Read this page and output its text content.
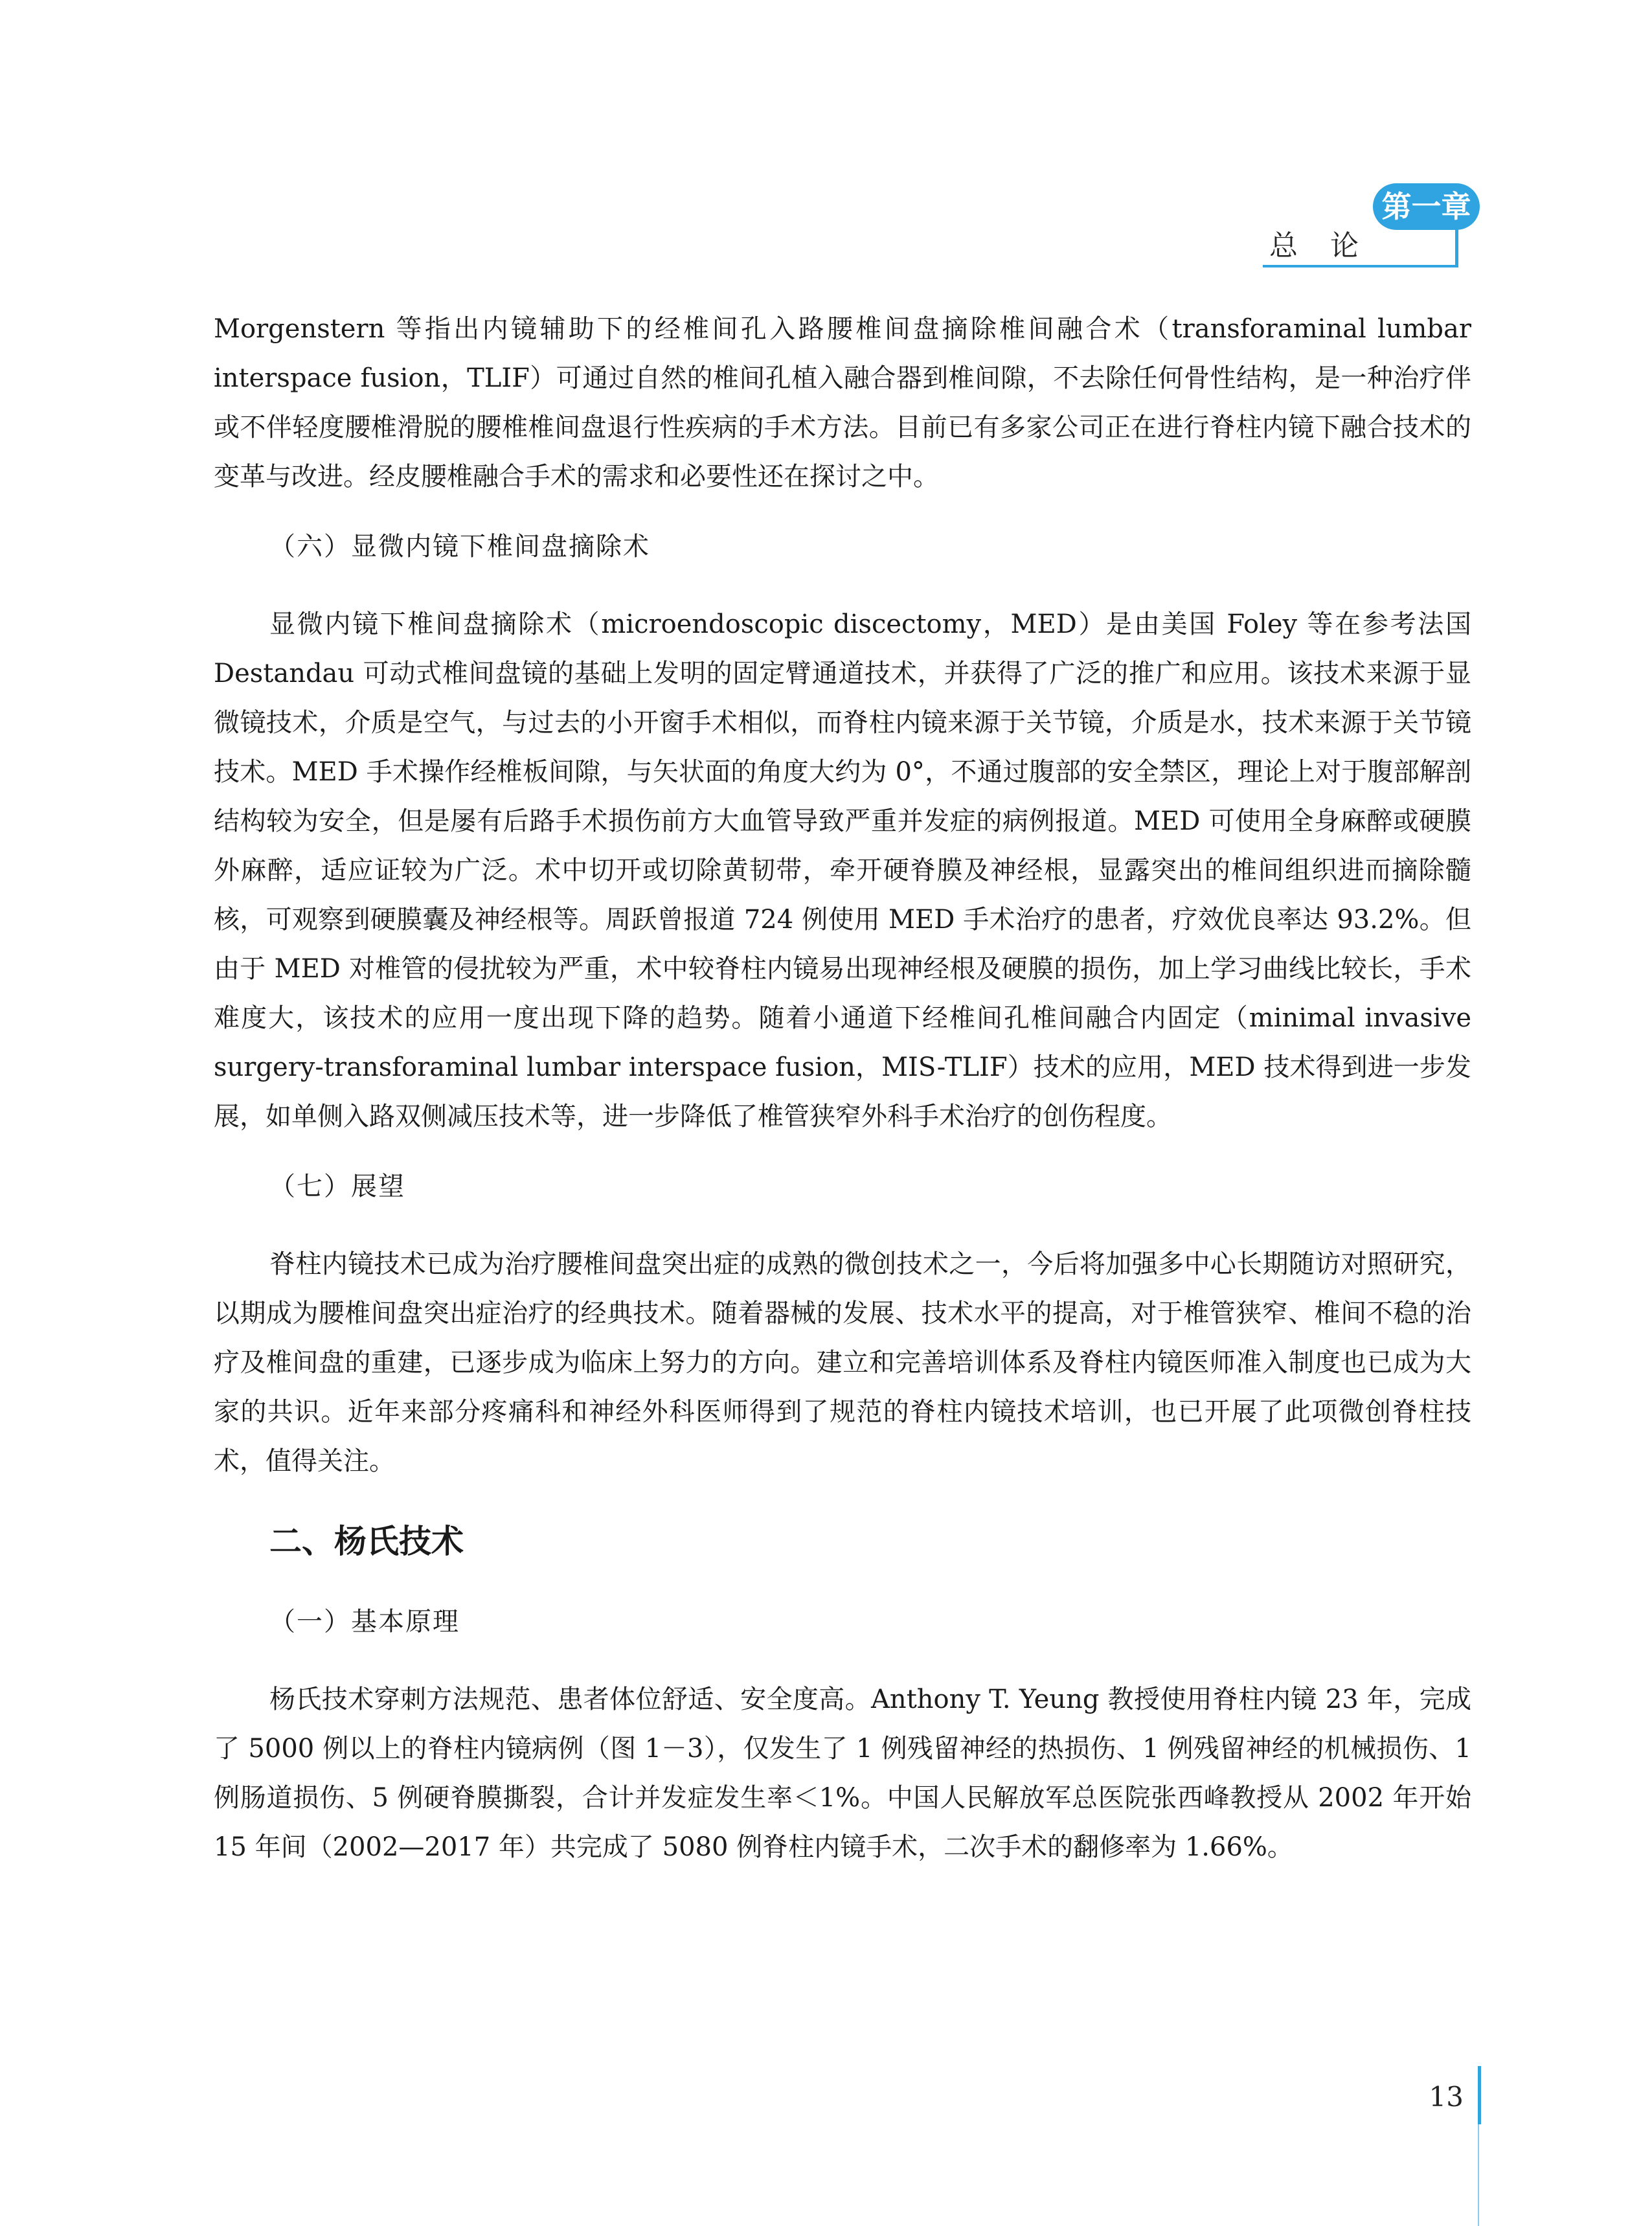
第一章
总 论

Morgenstern 等指出内镜辅助下的经椎间孔入路腰椎间盘摘除椎间融合术（transforaminal lumbar interspace fusion，TLIF）可通过自然的椎间孔植入融合器到椎间隙，不去除任何骨性结构，是一种治疗伴或不伴轻度腰椎滑脱的腰椎椎间盘退行性疾病的手术方法。目前已有多家公司正在进行脊柱内镜下融合技术的变革与改进。经皮腰椎融合手术的需求和必要性还在探讨之中。

（六）显微内镜下椎间盘摘除术

显微内镜下椎间盘摘除术（microendoscopic discectomy，MED）是由美国 Foley 等在参考法国 Destandau 可动式椎间盘镜的基础上发明的固定臂通道技术，并获得了广泛的推广和应用。该技术来源于显微镜技术，介质是空气，与过去的小开窗手术相似，而脊柱内镜来源于关节镜，介质是水，技术来源于关节镜技术。MED 手术操作经椎板间隙，与矢状面的角度大约为 0°，不通过腹部的安全禁区，理论上对于腹部解剖结构较为安全，但是屡有后路手术损伤前方大血管导致严重并发症的病例报道。MED 可使用全身麻醉或硬膜外麻醉，适应证较为广泛。术中切开或切除黄韧带，牵开硬脊膜及神经根，显露突出的椎间组织进而摘除髓核，可观察到硬膜囊及神经根等。周跃曾报道 724 例使用 MED 手术治疗的患者，疗效优良率达 93.2%。但由于 MED 对椎管的侵扰较为严重，术中较脊柱内镜易出现神经根及硬膜的损伤，加上学习曲线比较长，手术难度大，该技术的应用一度出现下降的趋势。随着小通道下经椎间孔椎间融合内固定（minimal invasive surgery-transforaminal lumbar interspace fusion，MIS-TLIF）技术的应用，MED 技术得到进一步发展，如单侧入路双侧减压技术等，进一步降低了椎管狭窄外科手术治疗的创伤程度。

（七）展望

脊柱内镜技术已成为治疗腰椎间盘突出症的成熟的微创技术之一，今后将加强多中心长期随访对照研究，以期成为腰椎间盘突出症治疗的经典技术。随着器械的发展、技术水平的提高，对于椎管狭窄、椎间不稳的治疗及椎间盘的重建，已逐步成为临床上努力的方向。建立和完善培训体系及脊柱内镜医师准入制度也已成为大家的共识。近年来部分疼痛科和神经外科医师得到了规范的脊柱内镜技术培训，也已开展了此项微创脊柱技术，值得关注。

二、杨氏技术
（一）基本原理

杨氏技术穿刺方法规范、患者体位舒适、安全度高。Anthony T. Yeung 教授使用脊柱内镜 23 年，完成了 5000 例以上的脊柱内镜病例（图 1－3），仅发生了 1 例残留神经的热损伤、1 例残留神经的机械损伤、1 例肠道损伤、5 例硬脊膜撕裂，合计并发症发生率＜1%。中国人民解放军总医院张西峰教授从 2002 年开始 15 年间（2002—2017 年）共完成了 5080 例脊柱内镜手术，二次手术的翻修率为 1.66%。

13
